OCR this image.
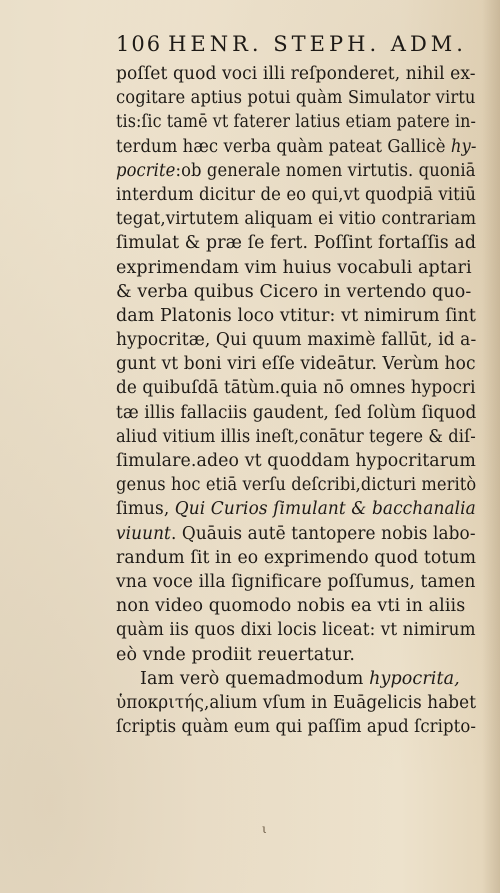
106 HENR. STEPH. ADM.
poſſet quod voci illi reſponderet, nihil ex-
cogitare aptius potui quàm Simulator virtu
tis:ſic tamē vt faterer latius etiam patere in-
terdum hæc verba quàm pateat Gallicè hy-
pocrite:ob generale nomen virtutis. quoniā
interdum dicitur de eo qui,vt quodpiā vitiū
tegat,virtutem aliquam ei vitio contrariam
ſimulat & præ ſe fert. Poſſint fortaſſis ad
exprimendam vim huius vocabuli aptari
& verba quibus Cicero in vertendo quo-
dam Platonis loco vtitur: vt nimirum ſint
hypocritæ, Qui quum maximè fallūt, id a-
gunt vt boni viri eſſe videātur. Verùm hoc
de quibuſdā tātùm.quia nō omnes hypocri
tæ illis fallaciis gaudent, ſed ſolùm ſiquod
aliud vitium illis ineſt,conātur tegere & diſ-
ſimulare.adeo vt quoddam hypocritarum
genus hoc etiā verſu deſcribi,dicturi meritò
ſimus, Qui Curios ſimulant & bacchanalia
viuunt. Quāuis autē tantopere nobis labo-
randum ſit in eo exprimendo quod totum
vna voce illa ſignificare poſſumus, tamen
non video quomodo nobis ea vti in aliis
quàm iis quos dixi locis liceat: vt nimirum
eò vnde prodiit reuertatur.
Iam verò quemadmodum hypocrita,
ὑποκριτής,alium vſum in Euāgelicis habet
ſcriptis quàm eum qui paſſim apud ſcripto-
ι
